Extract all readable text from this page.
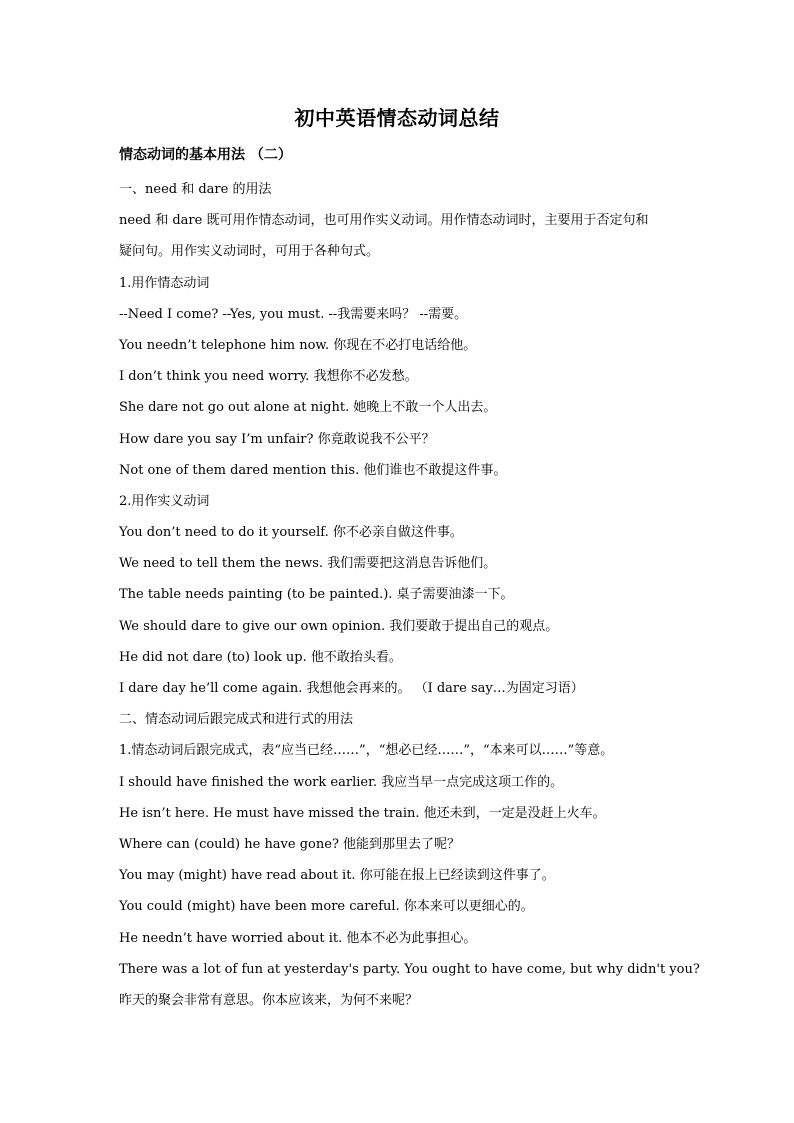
初中英语情态动词总结
情态动词的基本用法 （二）
一、need 和 dare 的用法
need 和 dare 既可用作情态动词，也可用作实义动词。用作情态动词时，主要用于否定句和
疑问句。用作实义动词时，可用于各种句式。
1.用作情态动词
--Need I come? --Yes, you must. --我需要来吗？ --需要。
You needn’t telephone him now. 你现在不必打电话给他。
I don’t think you need worry. 我想你不必发愁。
She dare not go out alone at night. 她晚上不敢一个人出去。
How dare you say I’m unfair? 你竟敢说我不公平？
Not one of them dared mention this. 他们谁也不敢提这件事。
2.用作实义动词
You don’t need to do it yourself. 你不必亲自做这件事。
We need to tell them the news. 我们需要把这消息告诉他们。
The table needs painting (to be painted.). 桌子需要油漆一下。
We should dare to give our own opinion. 我们要敢于提出自己的观点。
He did not dare (to) look up. 他不敢抬头看。
I dare day he’ll come again. 我想他会再来的。 （I dare say…为固定习语）
二、情态动词后跟完成式和进行式的用法
1.情态动词后跟完成式，表“应当已经……”，“想必已经……”，“本来可以……”等意。
I should have finished the work earlier. 我应当早一点完成这项工作的。
He isn’t here. He must have missed the train. 他还未到，一定是没赶上火车。
Where can (could) he have gone? 他能到那里去了呢？
You may (might) have read about it. 你可能在报上已经读到这件事了。
You could (might) have been more careful. 你本来可以更细心的。
He needn’t have worried about it. 他本不必为此事担心。
There was a lot of fun at yesterday's party. You ought to have come, but why didn't you?
昨天的聚会非常有意思。你本应该来，为何不来呢？
